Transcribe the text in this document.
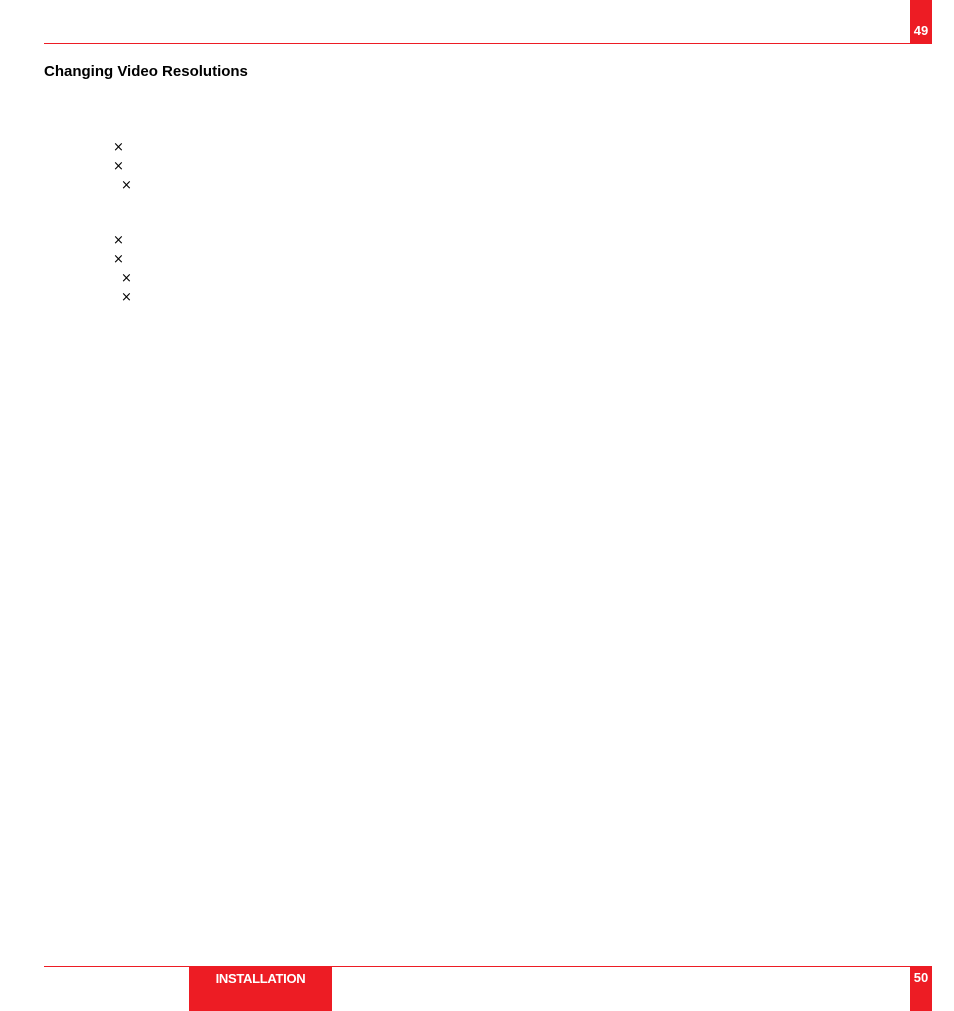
49
Changing Video Resolutions
×
×
×
×
×
×
×
INSTALLATION	50
